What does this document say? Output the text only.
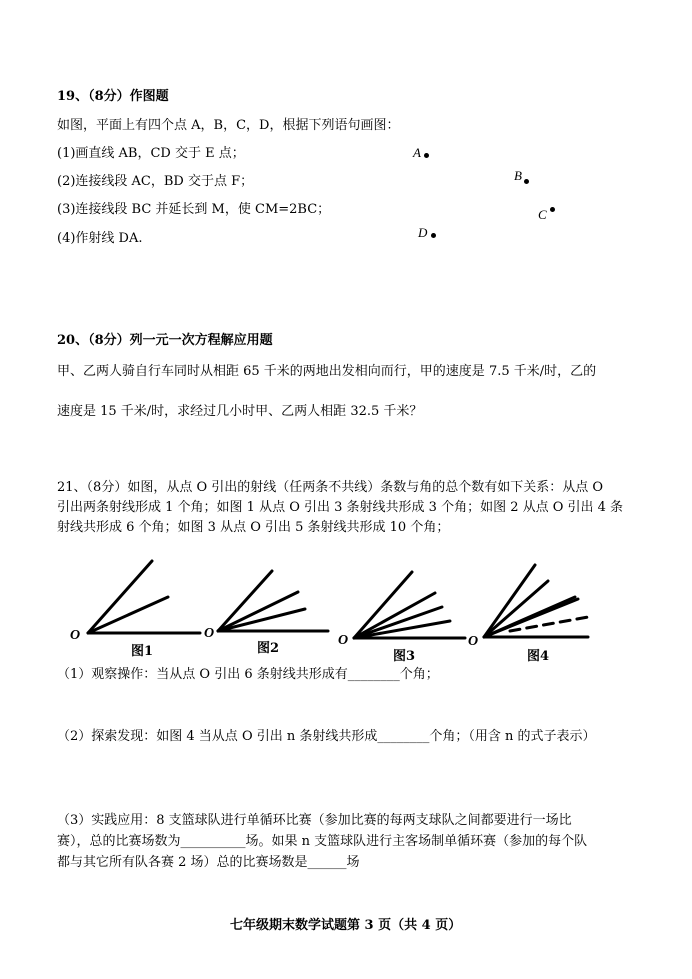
19、（8分）作图题
如图，平面上有四个点 A，B，C，D，根据下列语句画图：
(1)画直线 AB，CD 交于 E 点；
(2)连接线段 AC，BD 交于点 F；
(3)连接线段 BC 并延长到 M，使 CM=2BC；
(4)作射线 DA.
A
B
C
D
20、（8分）列一元一次方程解应用题
甲、乙两人骑自行车同时从相距 65 千米的两地出发相向而行，甲的速度是 7.5 千米/时，乙的
速度是 15 千米/时，求经过几小时甲、乙两人相距 32.5 千米？
21、（8分）如图，从点 O 引出的射线（任两条不共线）条数与角的总个数有如下关系：从点 O
引出两条射线形成 1 个角；如图 1 从点 O 引出 3 条射线共形成 3 个角；如图 2 从点 O 引出 4 条
射线共形成 6 个角；如图 3 从点 O 引出 5 条射线共形成 10 个角；
O
图1
O
图2
O
图3
O
图4
（1）观察操作：当从点 O 引出 6 条射线共形成有________个角；
（2）探索发现：如图 4 当从点 O 引出 n 条射线共形成________个角；（用含 n 的式子表示）
（3）实践应用：8 支篮球队进行单循环比赛（参加比赛的每两支球队之间都要进行一场比
赛），总的比赛场数为__________场。如果 n 支篮球队进行主客场制单循环赛（参加的每个队
都与其它所有队各赛 2 场）总的比赛场数是______场
七年级期末数学试题第 3 页（共 4 页）
